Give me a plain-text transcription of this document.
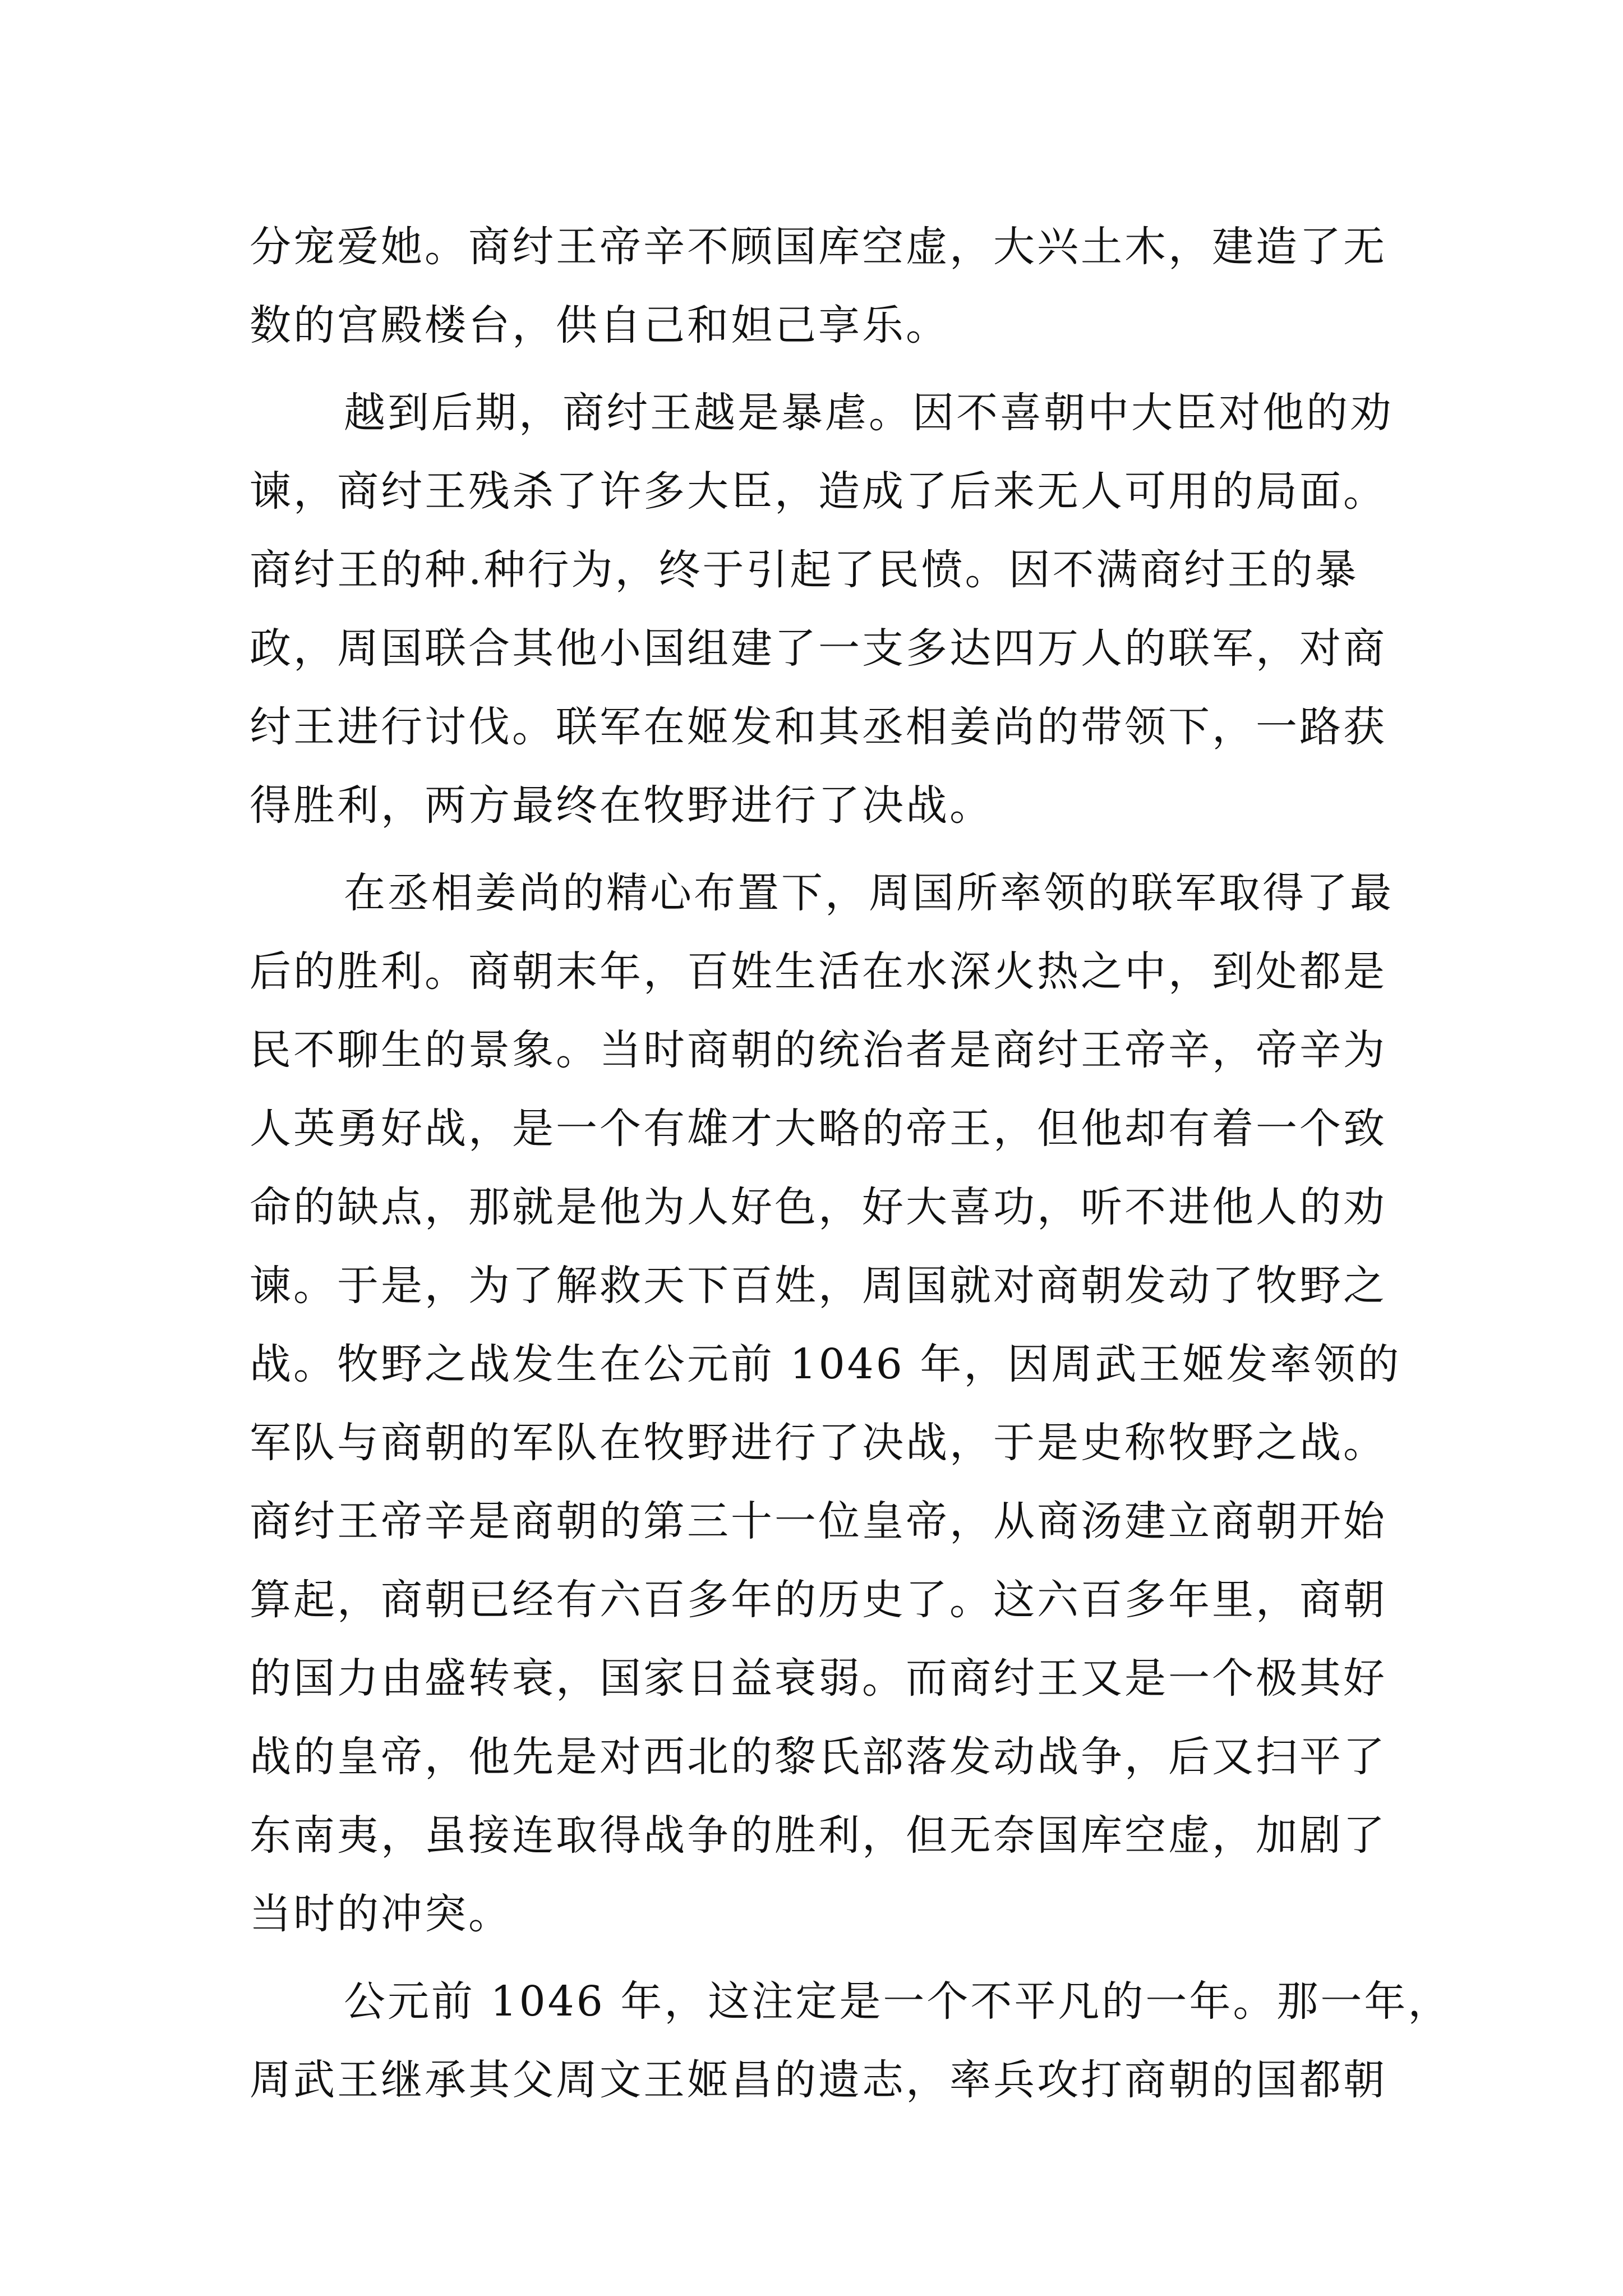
分宠爱她。商纣王帝辛不顾国库空虚，大兴土木，建造了无
数的宫殿楼台，供自己和妲己享乐。

越到后期，商纣王越是暴虐。因不喜朝中大臣对他的劝
谏，商纣王残杀了许多大臣，造成了后来无人可用的局面。
商纣王的种.种行为，终于引起了民愤。因不满商纣王的暴
政，周国联合其他小国组建了一支多达四万人的联军，对商
纣王进行讨伐。联军在姬发和其丞相姜尚的带领下，一路获
得胜利，两方最终在牧野进行了决战。

在丞相姜尚的精心布置下，周国所率领的联军取得了最
后的胜利。商朝末年，百姓生活在水深火热之中，到处都是
民不聊生的景象。当时商朝的统治者是商纣王帝辛，帝辛为
人英勇好战，是一个有雄才大略的帝王，但他却有着一个致
命的缺点，那就是他为人好色，好大喜功，听不进他人的劝
谏。于是，为了解救天下百姓，周国就对商朝发动了牧野之
战。牧野之战发生在公元前 1046 年，因周武王姬发率领的
军队与商朝的军队在牧野进行了决战，于是史称牧野之战。
商纣王帝辛是商朝的第三十一位皇帝，从商汤建立商朝开始
算起，商朝已经有六百多年的历史了。这六百多年里，商朝
的国力由盛转衰，国家日益衰弱。而商纣王又是一个极其好
战的皇帝，他先是对西北的黎氏部落发动战争，后又扫平了
东南夷，虽接连取得战争的胜利，但无奈国库空虚，加剧了
当时的冲突。

公元前 1046 年，这注定是一个不平凡的一年。那一年，
周武王继承其父周文王姬昌的遗志，率兵攻打商朝的国都朝
